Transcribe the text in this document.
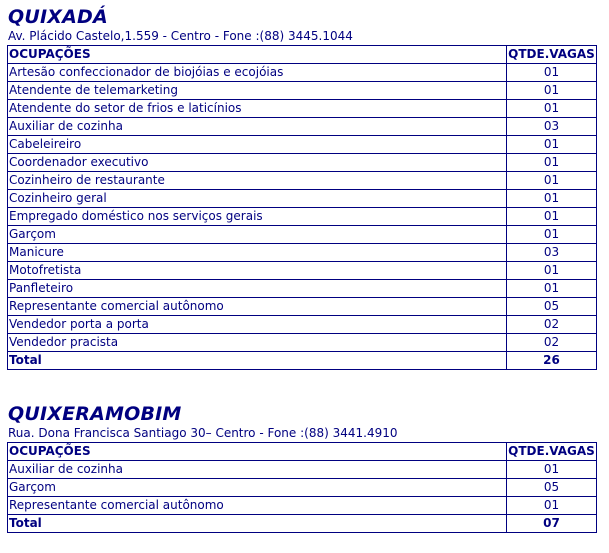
QUIXADÁ
Av. Plácido Castelo,1.559 - Centro - Fone :(88) 3445.1044
OCUPAÇÕES	QTDE.VAGAS
Artesão confeccionador de biojóias e ecojóias	01
Atendente de telemarketing	01
Atendente do setor de frios e laticínios	01
Auxiliar de cozinha	03
Cabeleireiro	01
Coordenador executivo	01
Cozinheiro de restaurante	01
Cozinheiro geral	01
Empregado doméstico nos serviços gerais	01
Garçom	01
Manicure	03
Motofretista	01
Panfleteiro	01
Representante comercial autônomo	05
Vendedor porta a porta	02
Vendedor pracista	02
Total	26
QUIXERAMOBIM
Rua. Dona Francisca Santiago 30– Centro - Fone :(88) 3441.4910
OCUPAÇÕES	QTDE.VAGAS
Auxiliar de cozinha	01
Garçom	05
Representante comercial autônomo	01
Total	07
